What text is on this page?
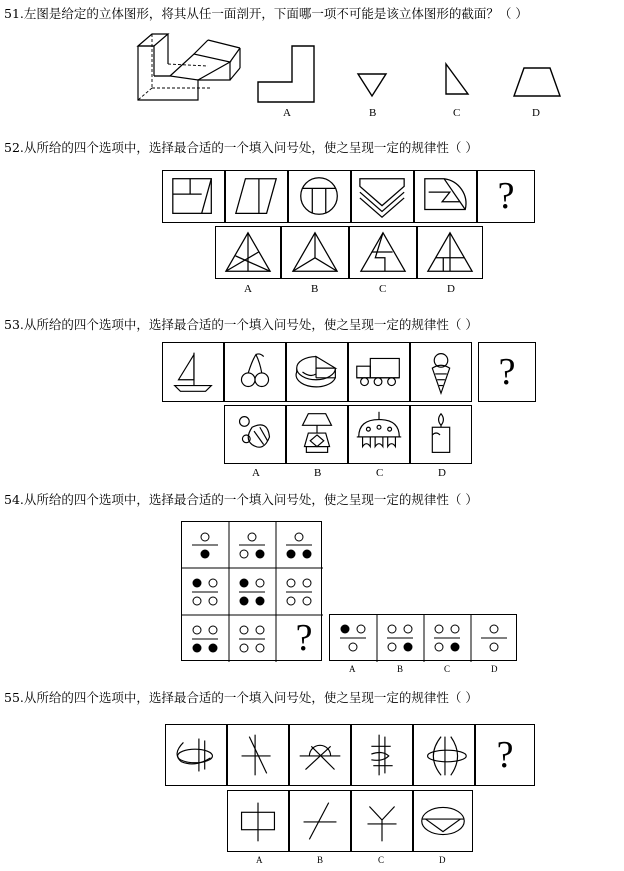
51.左图是给定的立体图形，将其从任一面剖开，下面哪一项不可能是该立体图形的截面？（ ）
A	B	C	D
52.从所给的四个选项中，选择最合适的一个填入问号处，使之呈现一定的规律性（ ）
?
A	B	C	D
53.从所给的四个选项中，选择最合适的一个填入问号处，使之呈现一定的规律性（ ）
?
A	B	C	D
54.从所给的四个选项中，选择最合适的一个填入问号处，使之呈现一定的规律性（ ）
?
A	B	C	D
55.从所给的四个选项中，选择最合适的一个填入问号处，使之呈现一定的规律性（ ）
?
A	B	C	D
